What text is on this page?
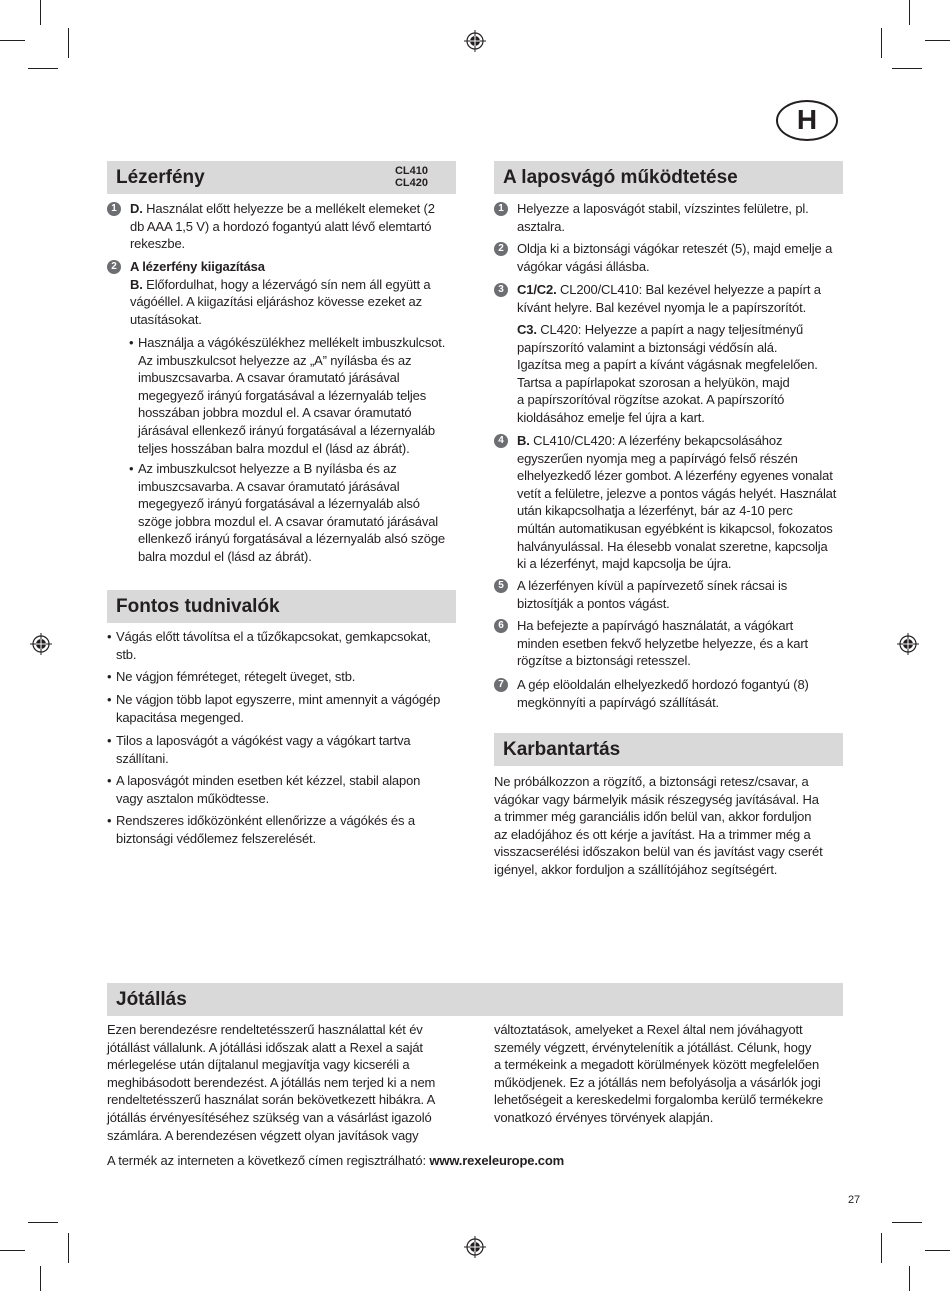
H
Lézerfény	CL410
CL420
1	D. Használat előtt helyezze be a mellékelt elemeket (2
db AAA 1,5 V) a hordozó fogantyú alatt lévő elemtartó
rekeszbe.
2	A lézerfény kiigazítása
B. Előfordulhat, hogy a lézervágó sín nem áll együtt a
vágóéllel. A kiigazítási eljáráshoz kövesse ezeket az
utasításokat.
• Használja a vágókészülékhez mellékelt imbuszkulcsot.
Az imbuszkulcsot helyezze az „A” nyílásba és az
imbuszcsavarba. A csavar óramutató járásával
megegyező irányú forgatásával a lézernyaláb teljes
hosszában jobbra mozdul el. A csavar óramutató
járásával ellenkező irányú forgatásával a lézernyaláb
teljes hosszában balra mozdul el (lásd az ábrát).
• Az imbuszkulcsot helyezze a B nyílásba és az
imbuszcsavarba. A csavar óramutató járásával
megegyező irányú forgatásával a lézernyaláb alsó
szöge jobbra mozdul el. A csavar óramutató járásával
ellenkező irányú forgatásával a lézernyaláb alsó szöge
balra mozdul el (lásd az ábrát).
Fontos tudnivalók
• Vágás előtt távolítsa el a tűzőkapcsokat, gemkapcsokat,
stb.
• Ne vágjon fémréteget, rétegelt üveget, stb.
• Ne vágjon több lapot egyszerre, mint amennyit a vágógép
kapacitása megenged.
• Tilos a laposvágót a vágókést vagy a vágókart tartva
szállítani.
• A laposvágót minden esetben két kézzel, stabil alapon
vagy asztalon működtesse.
• Rendszeres időközönként ellenőrizze a vágókés és a
biztonsági védőlemez felszerelését.
A laposvágó működtetése
1	Helyezze a laposvágót stabil, vízszintes felületre, pl.
asztalra.
2	Oldja ki a biztonsági vágókar reteszét (5), majd emelje a
vágókar vágási állásba.
3	C1/C2. CL200/CL410: Bal kezével helyezze a papírt a
kívánt helyre. Bal kezével nyomja le a papírszorítót.
C3. CL420: Helyezze a papírt a nagy teljesítményű
papírszorító valamint a biztonsági védősín alá.
Igazítsa meg a papírt a kívánt vágásnak megfelelően.
Tartsa a papírlapokat szorosan a helyükön, majd
a papírszorítóval rögzítse azokat. A papírszorító
kioldásához emelje fel újra a kart.
4	B. CL410/CL420: A lézerfény bekapcsolásához
egyszerűen nyomja meg a papírvágó felső részén
elhelyezkedő lézer gombot. A lézerfény egyenes vonalat
vetít a felületre, jelezve a pontos vágás helyét. Használat
után kikapcsolhatja a lézerfényt, bár az 4-10 perc
múltán automatikusan egyébként is kikapcsol, fokozatos
halványulással. Ha élesebb vonalat szeretne, kapcsolja
ki a lézerfényt, majd kapcsolja be újra.
5	A lézerfényen kívül a papírvezető sínek rácsai is
biztosítják a pontos vágást.
6	Ha befejezte a papírvágó használatát, a vágókart
minden esetben fekvő helyzetbe helyezze, és a kart
rögzítse a biztonsági retesszel.
7	A gép elöoldalán elhelyezkedő hordozó fogantyú (8)
megkönnyíti a papírvágó szállítását.
Karbantartás
Ne próbálkozzon a rögzítő, a biztonsági retesz/csavar, a
vágókar vagy bármelyik másik részegység javításával. Ha
a trimmer még garanciális időn belül van, akkor forduljon
az eladójához és ott kérje a javítást. Ha a trimmer még a
visszacserélési időszakon belül van és javítást vagy cserét
igényel, akkor forduljon a szállítójához segítségért.
Jótállás
Ezen berendezésre rendeltetésszerű használattal két év
jótállást vállalunk. A jótállási időszak alatt a Rexel a saját
mérlegelése után díjtalanul megjavítja vagy kicseréli a
meghibásodott berendezést. A jótállás nem terjed ki a nem
rendeltetésszerű használat során bekövetkezett hibákra. A
jótállás érvényesítéséhez szükség van a vásárlást igazoló
számlára. A berendezésen végzett olyan javítások vagy
változtatások, amelyeket a Rexel által nem jóváhagyott
személy végzett, érvénytelenítik a jótállást. Célunk, hogy
a termékeink a megadott körülmények között megfelelően
működjenek. Ez a jótállás nem befolyásolja a vásárlók jogi
lehetőségeit a kereskedelmi forgalomba kerülő termékekre
vonatkozó érvényes törvények alapján.
A termék az interneten a következő címen regisztrálható: www.rexeleurope.com
27
